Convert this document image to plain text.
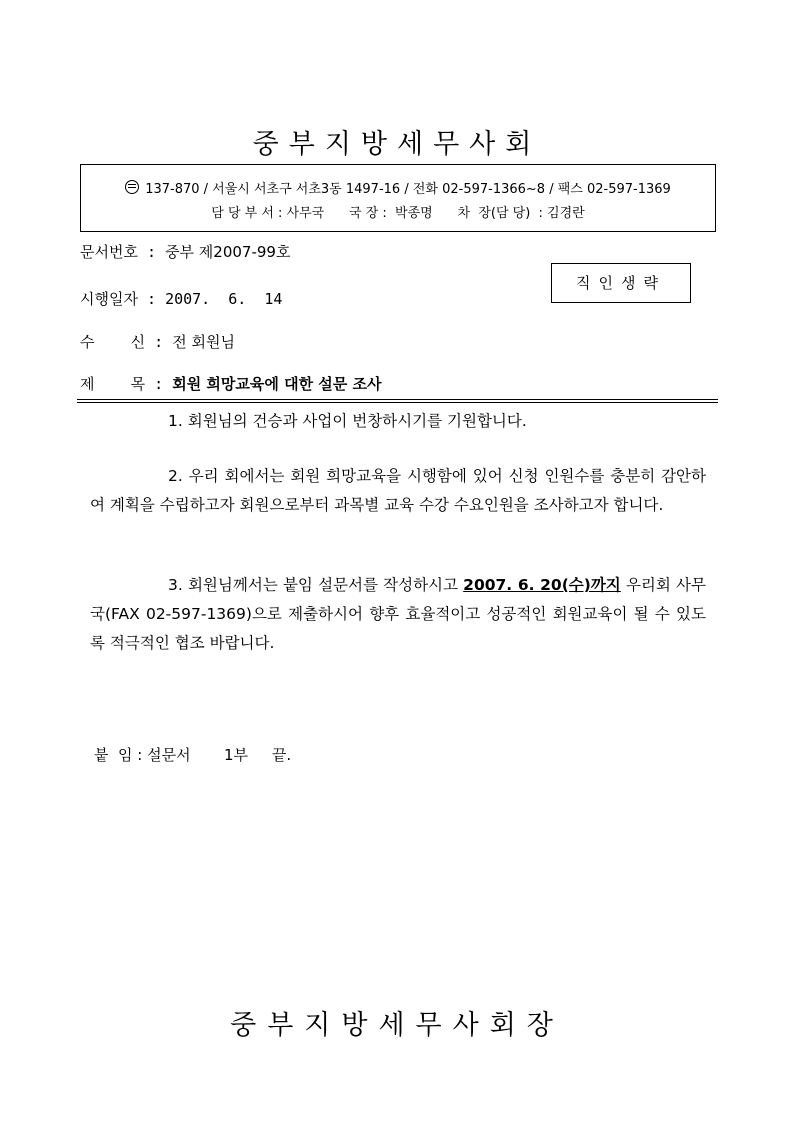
중부지방세무사회
137-870 / 서울시 서초구 서초3동 1497-16 / 전화 02-597-1366~8 / 팩스 02-597-1369
담 당 부 서 : 사무국      국 장 :  박종명      차  장(담 당)  : 김경란
문서번호 : 중부 제2007-99호
직인생략
시행일자 : 2007.  6.  14
수    신 : 전 회원님
제    목 : 회원 희망교육에 대한 설문 조사
1. 회원님의 건승과 사업이 번창하시기를 기원합니다.
2. 우리 회에서는 회원 희망교육을 시행함에 있어 신청 인원수를 충분히 감안하여 계획을 수립하고자 회원으로부터 과목별 교육 수강 수요인원을 조사하고자 합니다.
3. 회원님께서는 붙임 설문서를 작성하시고 2007. 6. 20(수)까지 우리회 사무국(FAX 02-597-1369)으로 제출하시어 향후 효율적이고 성공적인 회원교육이 될 수 있도록 적극적인 협조 바랍니다.
붙  임 : 설문서       1부     끝.
중부지방세무사회장
